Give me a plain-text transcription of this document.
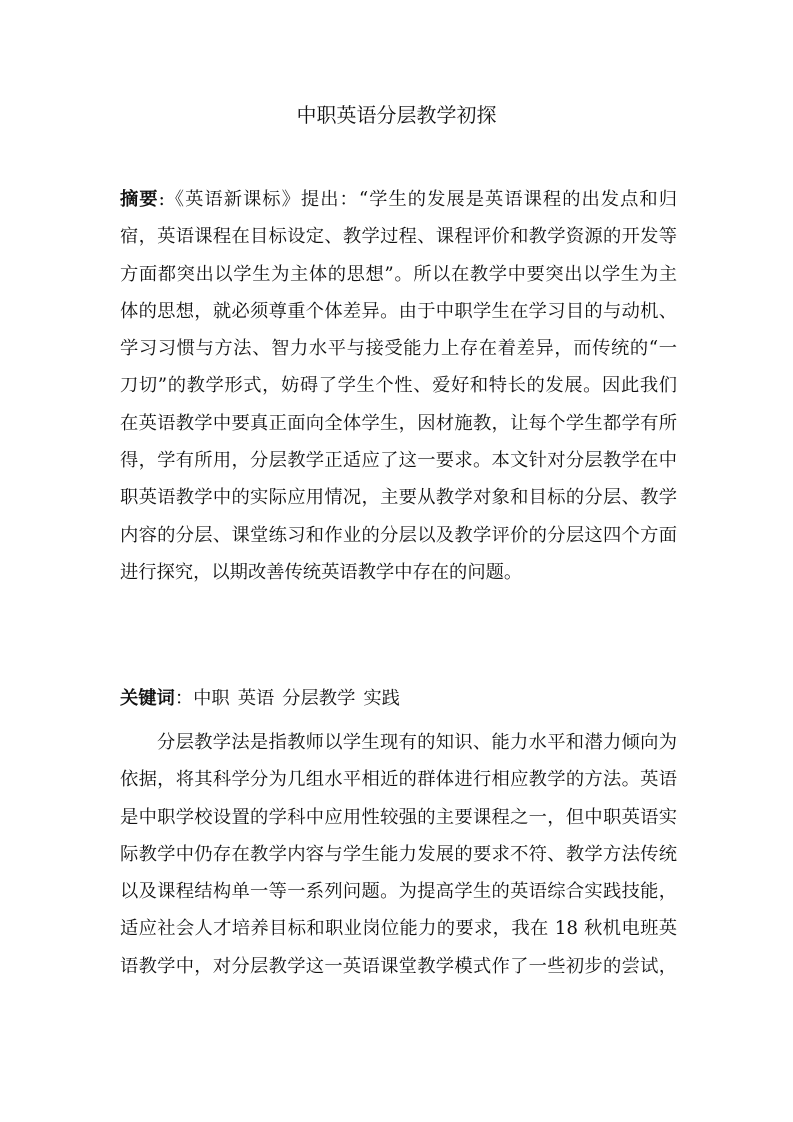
中职英语分层教学初探
摘要:《英语新课标》提出：“学生的发展是英语课程的出发点和归
宿，英语课程在目标设定、教学过程、课程评价和教学资源的开发等
方面都突出以学生为主体的思想”。所以在教学中要突出以学生为主
体的思想，就必须尊重个体差异。由于中职学生在学习目的与动机、
学习习惯与方法、智力水平与接受能力上存在着差异，而传统的“一
刀切”的教学形式，妨碍了学生个性、爱好和特长的发展。因此我们
在英语教学中要真正面向全体学生，因材施教，让每个学生都学有所
得，学有所用，分层教学正适应了这一要求。本文针对分层教学在中
职英语教学中的实际应用情况，主要从教学对象和目标的分层、教学
内容的分层、课堂练习和作业的分层以及教学评价的分层这四个方面
进行探究，以期改善传统英语教学中存在的问题。
关键词：中职 英语 分层教学 实践
分层教学法是指教师以学生现有的知识、能力水平和潜力倾向为
依据，将其科学分为几组水平相近的群体进行相应教学的方法。英语
是中职学校设置的学科中应用性较强的主要课程之一，但中职英语实
际教学中仍存在教学内容与学生能力发展的要求不符、教学方法传统
以及课程结构单一等一系列问题。为提高学生的英语综合实践技能，
适应社会人才培养目标和职业岗位能力的要求，我在 18 秋机电班英
语教学中，对分层教学这一英语课堂教学模式作了一些初步的尝试，
